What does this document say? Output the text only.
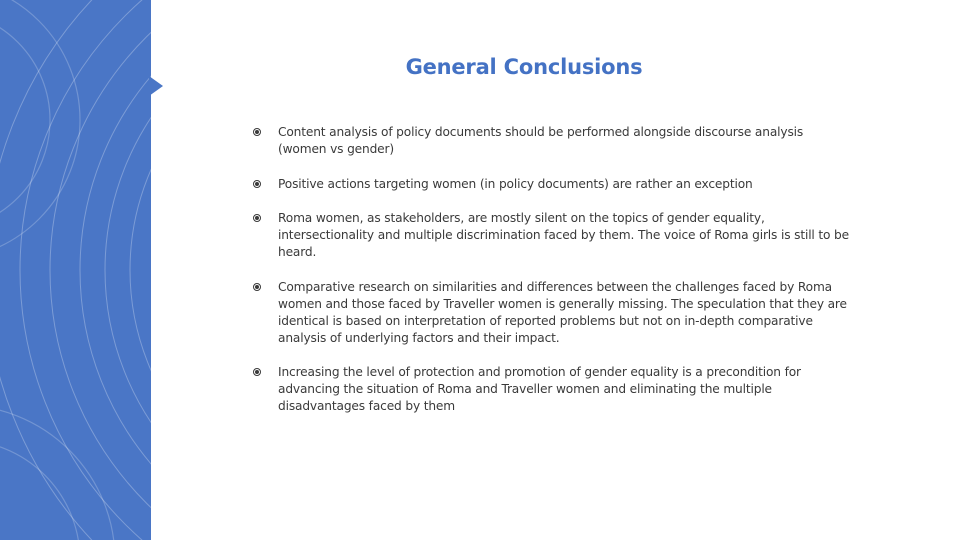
General Conclusions
Content analysis of policy documents should be performed alongside discourse analysis (women vs gender)
Positive actions targeting women (in policy documents) are rather an exception
Roma women, as stakeholders, are mostly silent on the topics of gender equality, intersectionality and multiple discrimination faced by them. The voice of Roma girls is still to be heard.
Comparative research on similarities and differences between the challenges faced by Roma women and those faced by Traveller women is generally missing. The speculation that they are identical is based on interpretation of reported problems but not on in-depth comparative analysis of underlying factors and their impact.
Increasing the level of protection and promotion of gender equality is a precondition for advancing the situation of Roma and Traveller women and eliminating the multiple disadvantages faced by them
